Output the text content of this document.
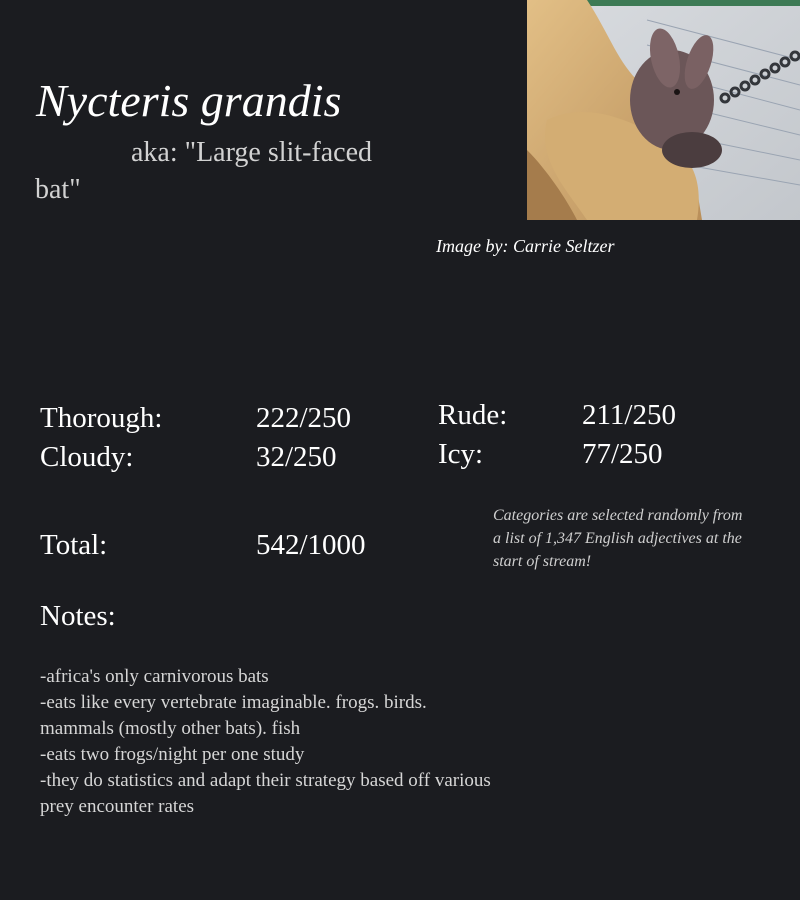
Nycteris grandis
aka: "Large slit-faced bat"
Image by: Carrie Seltzer
Thorough:	222/250
Cloudy:	32/250
Rude:	211/250
Icy:	77/250
Total:	542/1000
Categories are selected randomly from a list of 1,347 English adjectives at the start of stream!
Notes:
-africa's only carnivorous bats
-eats like every vertebrate imaginable. frogs. birds. mammals (mostly other bats). fish
-eats two frogs/night per one study
-they do statistics and adapt their strategy based off various prey encounter rates
